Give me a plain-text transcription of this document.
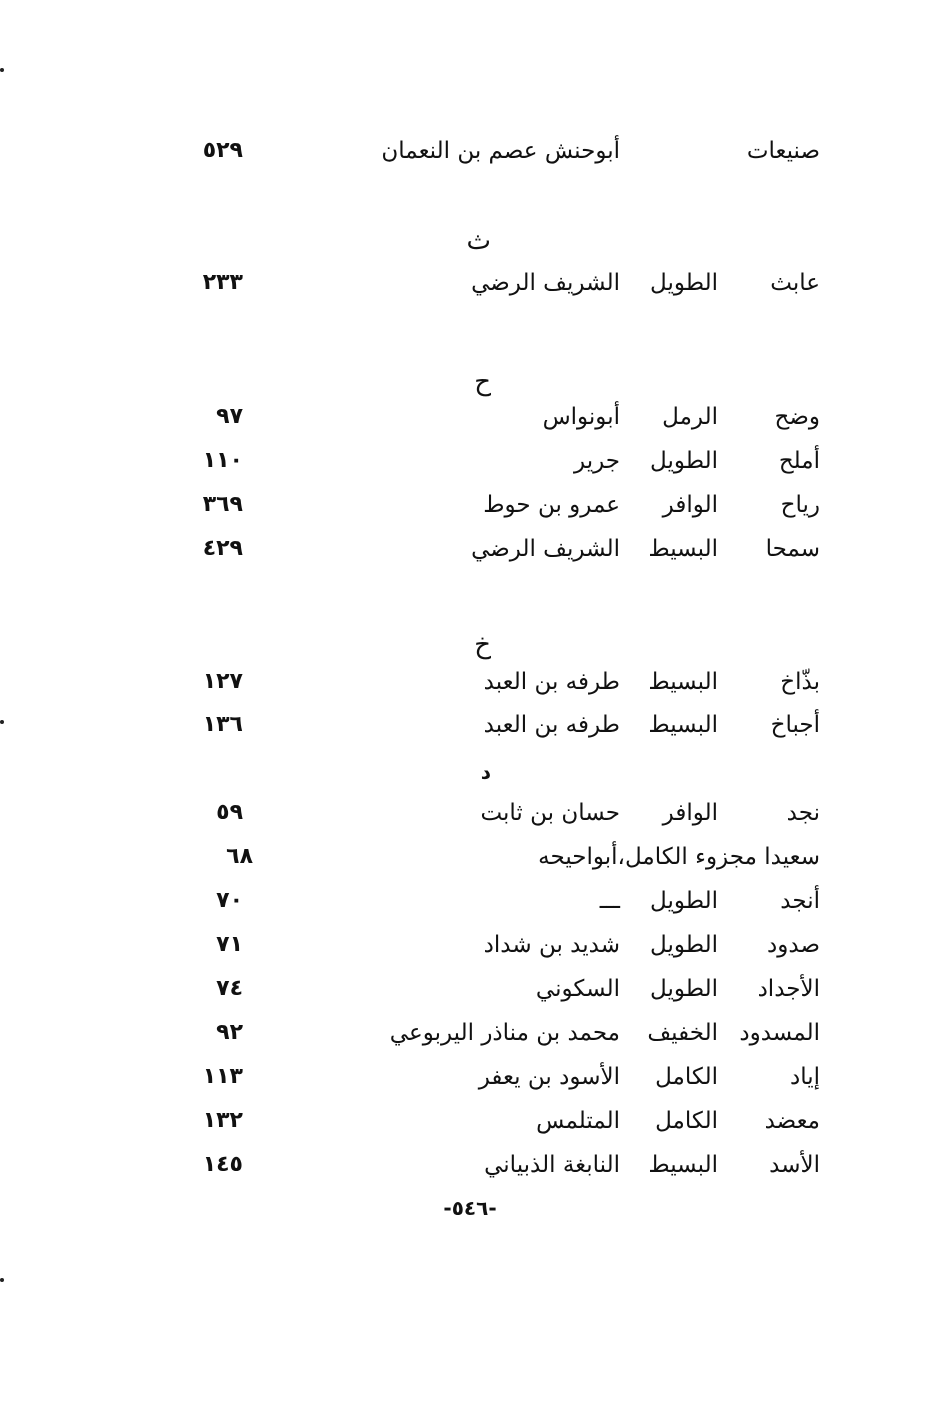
صنيعات
أبوحنش عصم بن النعمان
٥٢٩
ث
عابث
الطويل
الشريف الرضي
٢٣٣
ح
وضح
الرمل
أبونواس
٩٧
أملح
الطويل
جرير
١١٠
رياح
الوافر
عمرو بن حوط
٣٦٩
سمحا
البسيط
الشريف الرضي
٤٢٩
خ
بذّاخ
البسيط
طرفه بن العبد
١٢٧
أجباخ
البسيط
طرفه بن العبد
١٣٦
د
نجد
الوافر
حسان بن ثابت
٥٩
سعيدا مجزوء الكامل،أبواحيحه
٦٨
أنجد
الطويل
ـــ
٧٠
صدود
الطويل
شديد بن شداد
٧١
الأجداد
الطويل
السكوني
٧٤
المسدود
الخفيف
محمد بن مناذر اليربوعي
٩٢
إياد
الكامل
الأسود بن يعفر
١١٣
معضد
الكامل
المتلمس
١٣٢
الأسد
البسيط
النابغة الذبياني
١٤٥
-٥٤٦-
